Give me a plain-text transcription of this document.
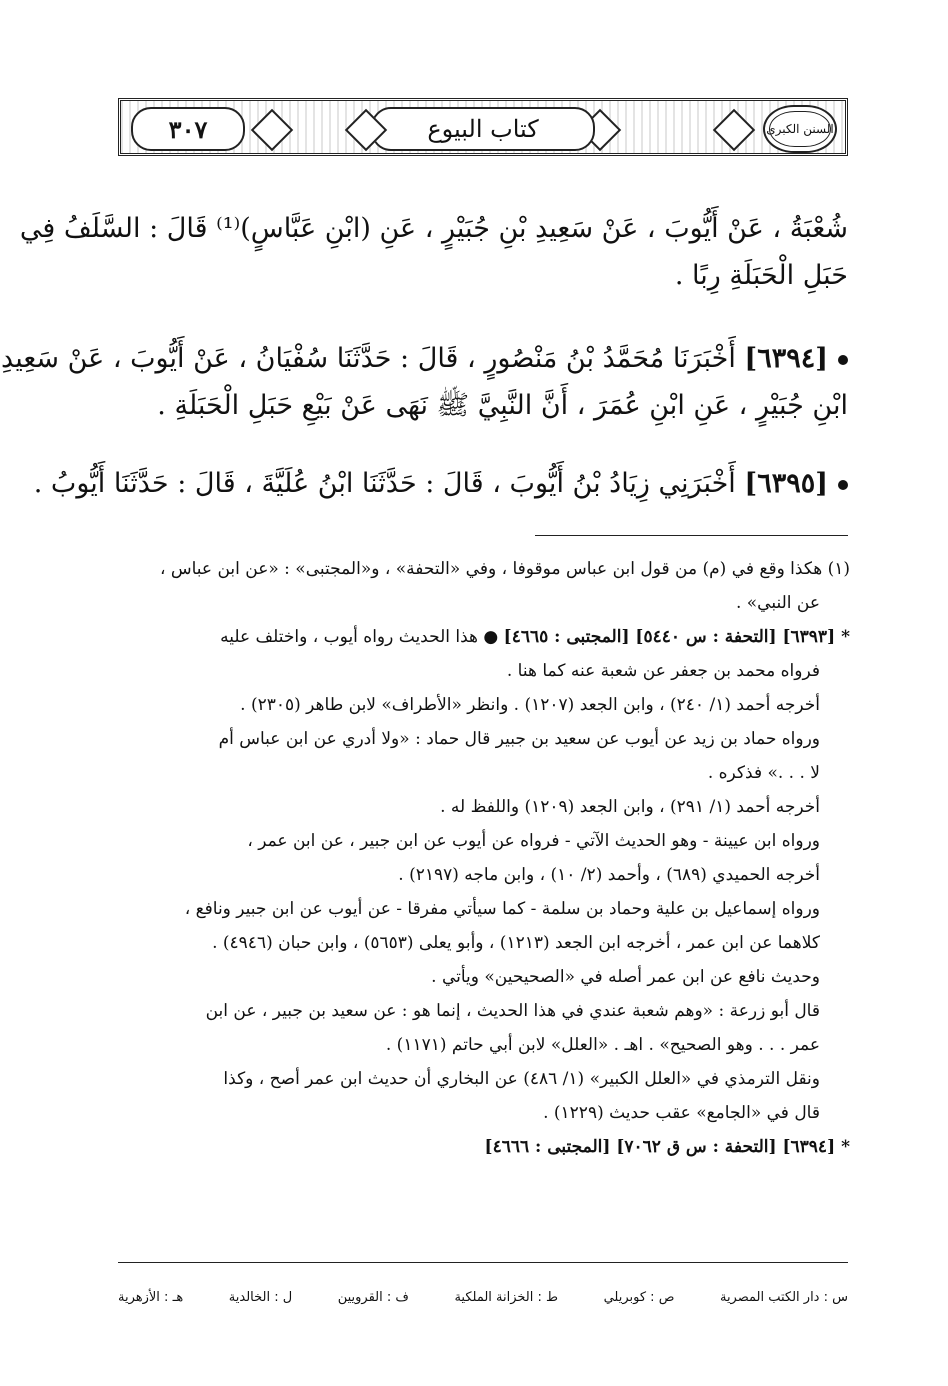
السنن الكبرى
كتاب البيوع
٣٠٧
شُعْبَةُ ، عَنْ أَيُّوبَ ، عَنْ سَعِيدِ بْنِ جُبَيْرٍ ، عَنِ (ابْنِ عَبَّاسٍ)⁽¹⁾ قَالَ : السَّلَفُ فِي
حَبَلِ الْحَبَلَةِ رِبًا .
[٦٣٩٤] أَخْبَرَنَا مُحَمَّدُ بْنُ مَنْصُورٍ ، قَالَ : حَدَّثَنَا سُفْيَانُ ، عَنْ أَيُّوبَ ، عَنْ سَعِيدِ
ابْنِ جُبَيْرٍ ، عَنِ ابْنِ عُمَرَ ، أَنَّ النَّبِيَّ ﷺ نَهَى عَنْ بَيْعِ حَبَلِ الْحَبَلَةِ .
[٦٣٩٥] أَخْبَرَنِي زِيَادُ بْنُ أَيُّوبَ ، قَالَ : حَدَّثَنَا ابْنُ عُلَيَّةَ ، قَالَ : حَدَّثَنَا أَيُّوبُ .
(١) هكذا وقع في (م) من قول ابن عباس موقوفا ، وفي «التحفة» ، و«المجتبى» : «عن ابن عباس ،
عن النبي» .
*[٦٣٩٣] [التحفة : س ٥٤٤٠] [المجتبى : ٤٦٦٥] ● هذا الحديث رواه أيوب ، واختلف عليه
فرواه محمد بن جعفر عن شعبة عنه كما هنا .
أخرجه أحمد (١/ ٢٤٠) ، وابن الجعد (١٢٠٧) . وانظر «الأطراف» لابن طاهر (٢٣٠٥) .
ورواه حماد بن زيد عن أيوب عن سعيد بن جبير قال حماد : «ولا أدري عن ابن عباس أم
لا . . .» فذكره .
أخرجه أحمد (١/ ٢٩١) ، وابن الجعد (١٢٠٩) واللفظ له .
ورواه ابن عيينة - وهو الحديث الآتي - فرواه عن أيوب عن ابن جبير ، عن ابن عمر ،
أخرجه الحميدي (٦٨٩) ، وأحمد (٢/ ١٠) ، وابن ماجه (٢١٩٧) .
ورواه إسماعيل بن علية وحماد بن سلمة - كما سيأتي مفرقا - عن أيوب عن ابن جبير ونافع ،
كلاهما عن ابن عمر ، أخرجه ابن الجعد (١٢١٣) ، وأبو يعلى (٥٦٥٣) ، وابن حبان (٤٩٤٦) .
وحديث نافع عن ابن عمر أصله في «الصحيحين» ويأتي .
قال أبو زرعة : «وهم شعبة عندي في هذا الحديث ، إنما هو : عن سعيد بن جبير ، عن ابن
عمر . . . وهو الصحيح» . اهـ . «العلل» لابن أبي حاتم (١١٧١) .
ونقل الترمذي في «العلل الكبير» (١/ ٤٨٦) عن البخاري أن حديث ابن عمر أصح ، وكذا
قال في «الجامع» عقب حديث (١٢٢٩) .
*[٦٣٩٤] [التحفة : س ق ٧٠٦٢] [المجتبى : ٤٦٦٦]
س : دار الكتب المصرية
ص : كوبريلي
ط : الخزانة الملكية
ف : القرويين
ل : الخالدية
هـ : الأزهرية
